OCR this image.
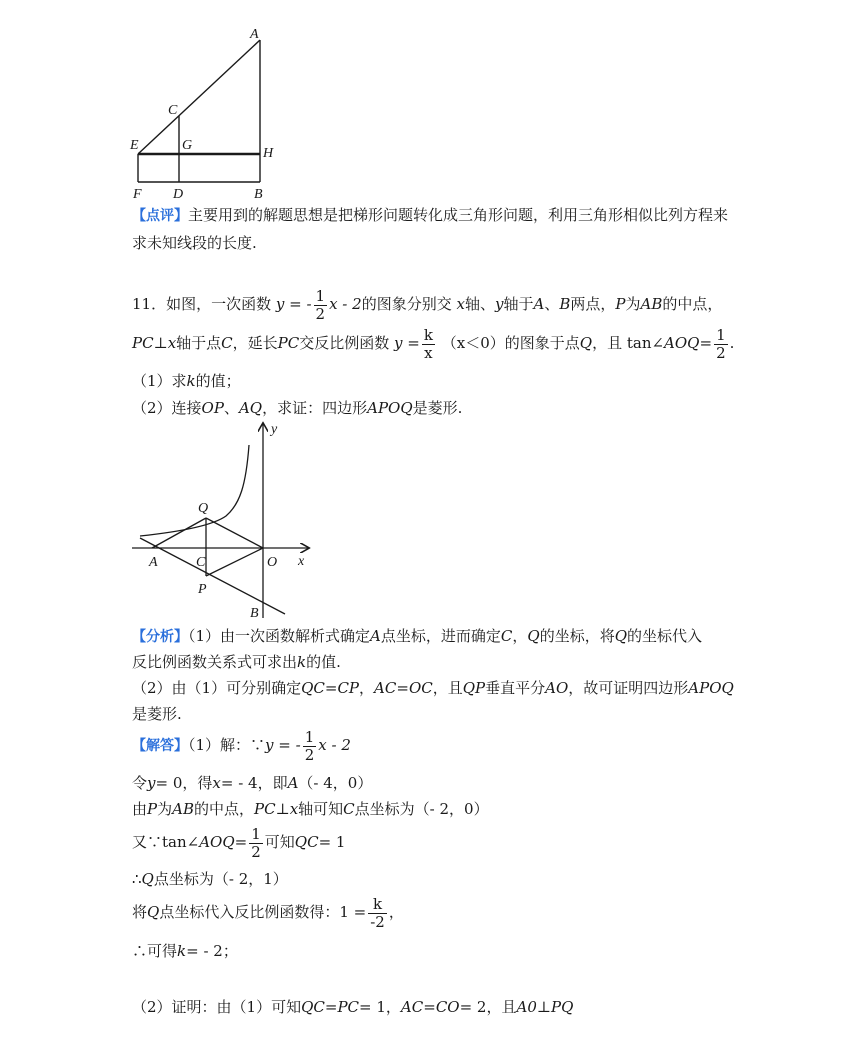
A
C
E	G
H
F D	B
【点评】主要用到的解题思想是把梯形问题转化成三角形问题，利用三角形相似比列方程来
求未知线段的长度.
11．如图，一次函数 y = - $\frac{1}{2}$ x - 2的图象分别交 x轴、y轴于A、B两点，P为AB的中点，
PC⊥x轴于点C，延长PC交反比例函数 $y = \frac{k}{x} (x<0)$的图象于点Q，且 tan∠AOQ= $\frac{1}{2}$ .
（1）求k的值；
（2）连接OP、AQ，求证：四边形APOQ是菱形.
y
x
Q
C
A	O
P
B
【分析】（1）由一次函数解析式确定A点坐标，进而确定C，Q的坐标，将Q的坐标代入
反比例函数关系式可求出k的值.
（2）由（1）可分别确定QC=CP，AC=OC，且QP垂直平分AO，故可证明四边形APOQ
是菱形.
【解答】（1）解：∵y = - $\frac{1}{2}$ x - 2
令y= 0，得x= - 4，即A（- 4，0）
由P为AB的中点，PC⊥x轴可知C点坐标为（- 2，0）
又∵tan∠AOQ= $\frac{1}{2}$ 可知QC= 1
∴Q点坐标为（- 2，1）
将Q点坐标代入反比例函数得：$1 = \frac{k}{-2}$ ，
∴可得k= - 2；
（2）证明：由（1）可知QC=PC= 1，AC=CO= 2，且A0⊥PQ
